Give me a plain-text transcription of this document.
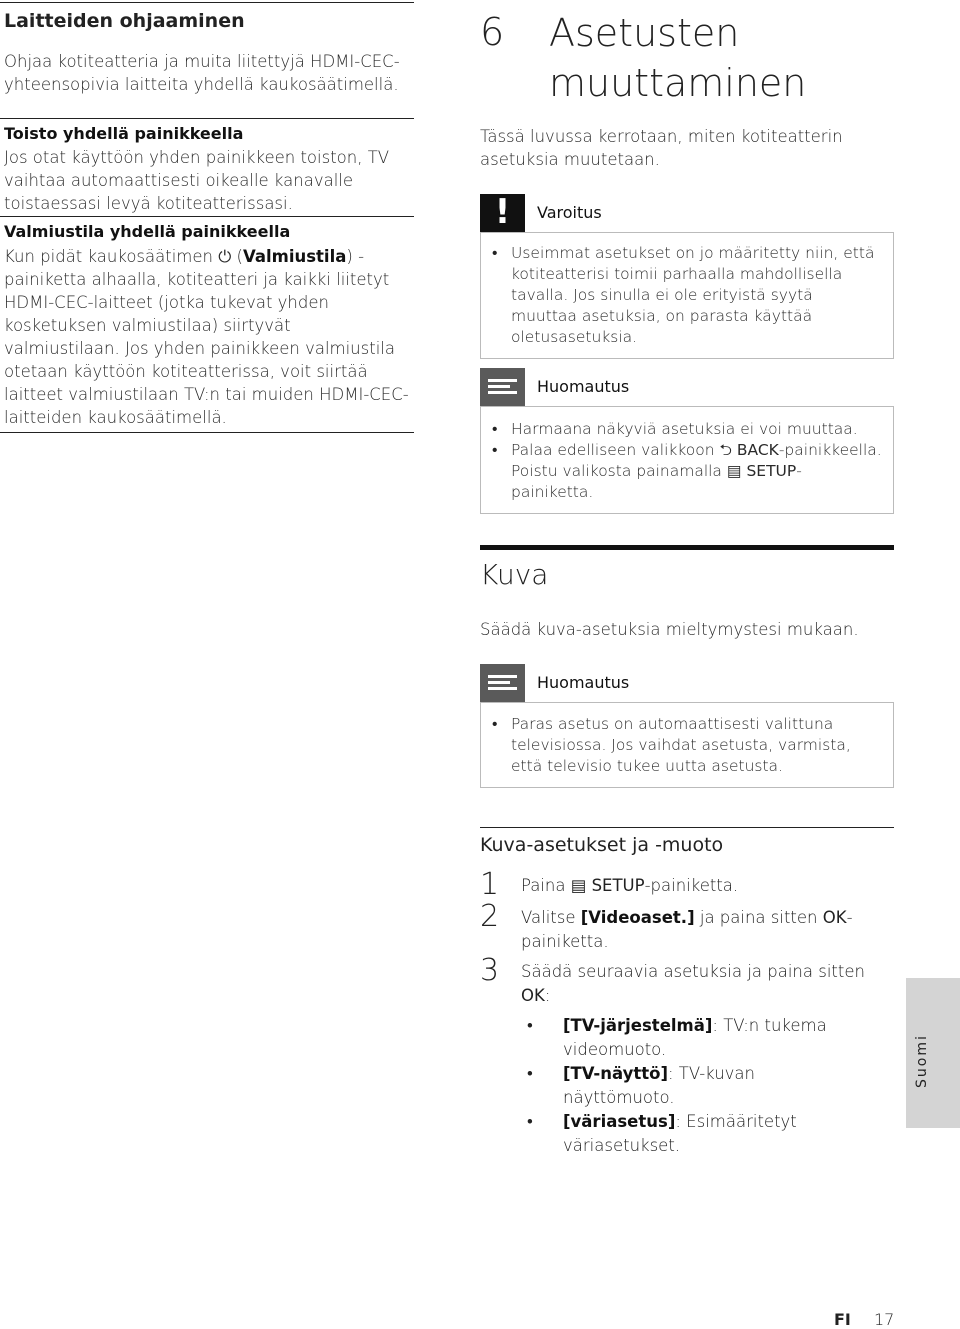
Laitteiden ohjaaminen

Ohjaa kotiteatteria ja muita liitettyjä HDMI-CEC-yhteensopivia laitteita yhdellä kaukosäätimellä.

Toisto yhdellä painikkeella

Jos otat käyttöön yhden painikkeen toiston, TV vaihtaa automaattisesti oikealle kanavalle toistaessasi levyä kotiteatterissasi.

Valmiustila yhdellä painikkeella

Kun pidät kaukosäätimen ⏻ (Valmiustila) -painiketta alhaalla, kotiteatteri ja kaikki liitetyt HDMI-CEC-laitteet (jotka tukevat yhden kosketuksen valmiustilaa) siirtyvät valmiustilaan. Jos yhden painikkeen valmiustila otetaan käyttöön kotiteatterissa, voit siirtää laitteet valmiustilaan TV:n tai muiden HDMI-CEC-laitteiden kaukosäätimellä.

6 Asetusten
muuttaminen

Tässä luvussa kerrotaan, miten kotiteatterin asetuksia muutetaan.

!	Varoitus
• Useimmat asetukset on jo määritetty niin, että kotiteatterisi toimii parhaalla mahdollisella tavalla. Jos sinulla ei ole erityistä syytä muuttaa asetuksia, on parasta käyttää oletusasetuksia.
Huomautus
• Harmaana näkyviä asetuksia ei voi muuttaa.
• Palaa edelliseen valikkoon ⮌ BACK-painikkeella. Poistu valikosta painamalla ▤ SETUP-painiketta.
Kuva

Säädä kuva-asetuksia mieltymystesi mukaan.

Huomautus
• Paras asetus on automaattisesti valittuna televisiossa. Jos vaihdat asetusta, varmista, että televisio tukee uutta asetusta.

Kuva-asetukset ja -muoto

1 Paina ▤ SETUP-painiketta.
2 Valitse [Videoaset.] ja paina sitten OK-painiketta.
3 Säädä seuraavia asetuksia ja paina sitten OK:
• [TV-järjestelmä]: TV:n tukema videomuoto.
• [TV-näyttö]: TV-kuvan näyttömuoto.
• [väriasetus]: Esimääritetyt väriasetukset.
Suomi
FI 17
